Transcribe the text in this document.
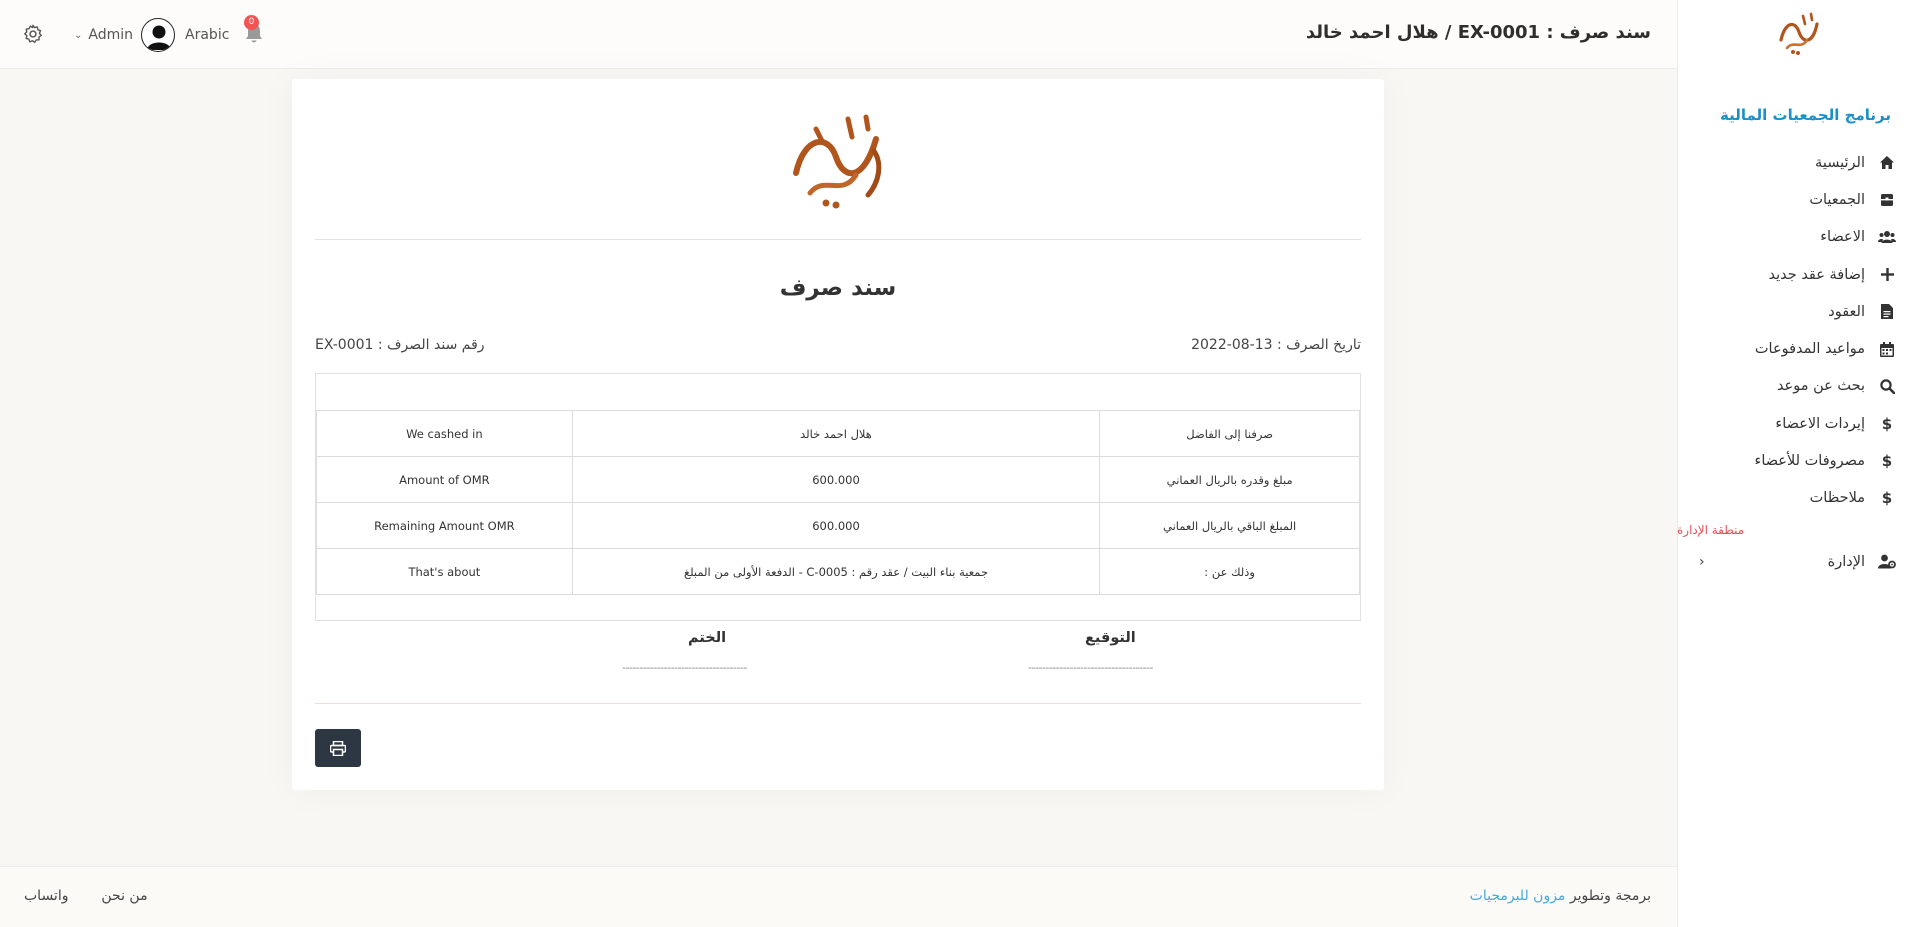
برنامج الجمعيات المالية
الرئيسية
الجمعيات
الاعضاء
إضافة عقد جديد
العقود
مواعيد المدفوعات
بحث عن موعد
إيردات الاعضاء	$
مصروفات للأعضاء	$
ملاحظات	$
منطقة الإدارة
›	الإدارة
⌄ Admin	Arabic
0	سند صرف : EX-0001 / هلال احمد خالد
سند صرف
تاريخ الصرف : 13-08-2022
رقم سند الصرف : EX-0001
We cashed in	هلال احمد خالد	صرفنا إلى الفاضل
Amount of OMR	600.000	مبلغ وقدره بالريال العماني
Remaining Amount OMR	600.000	المبلغ الباقي بالريال العماني
That's about	جمعية بناء البيت / عقد رقم : C-0005 - الدفعة الأولى من المبلغ	وذلك عن :
التوقيع
------------------------------------
الختم
------------------------------------
برمجة وتطوير مزون للبرمجيات
من نحن  واتساب
